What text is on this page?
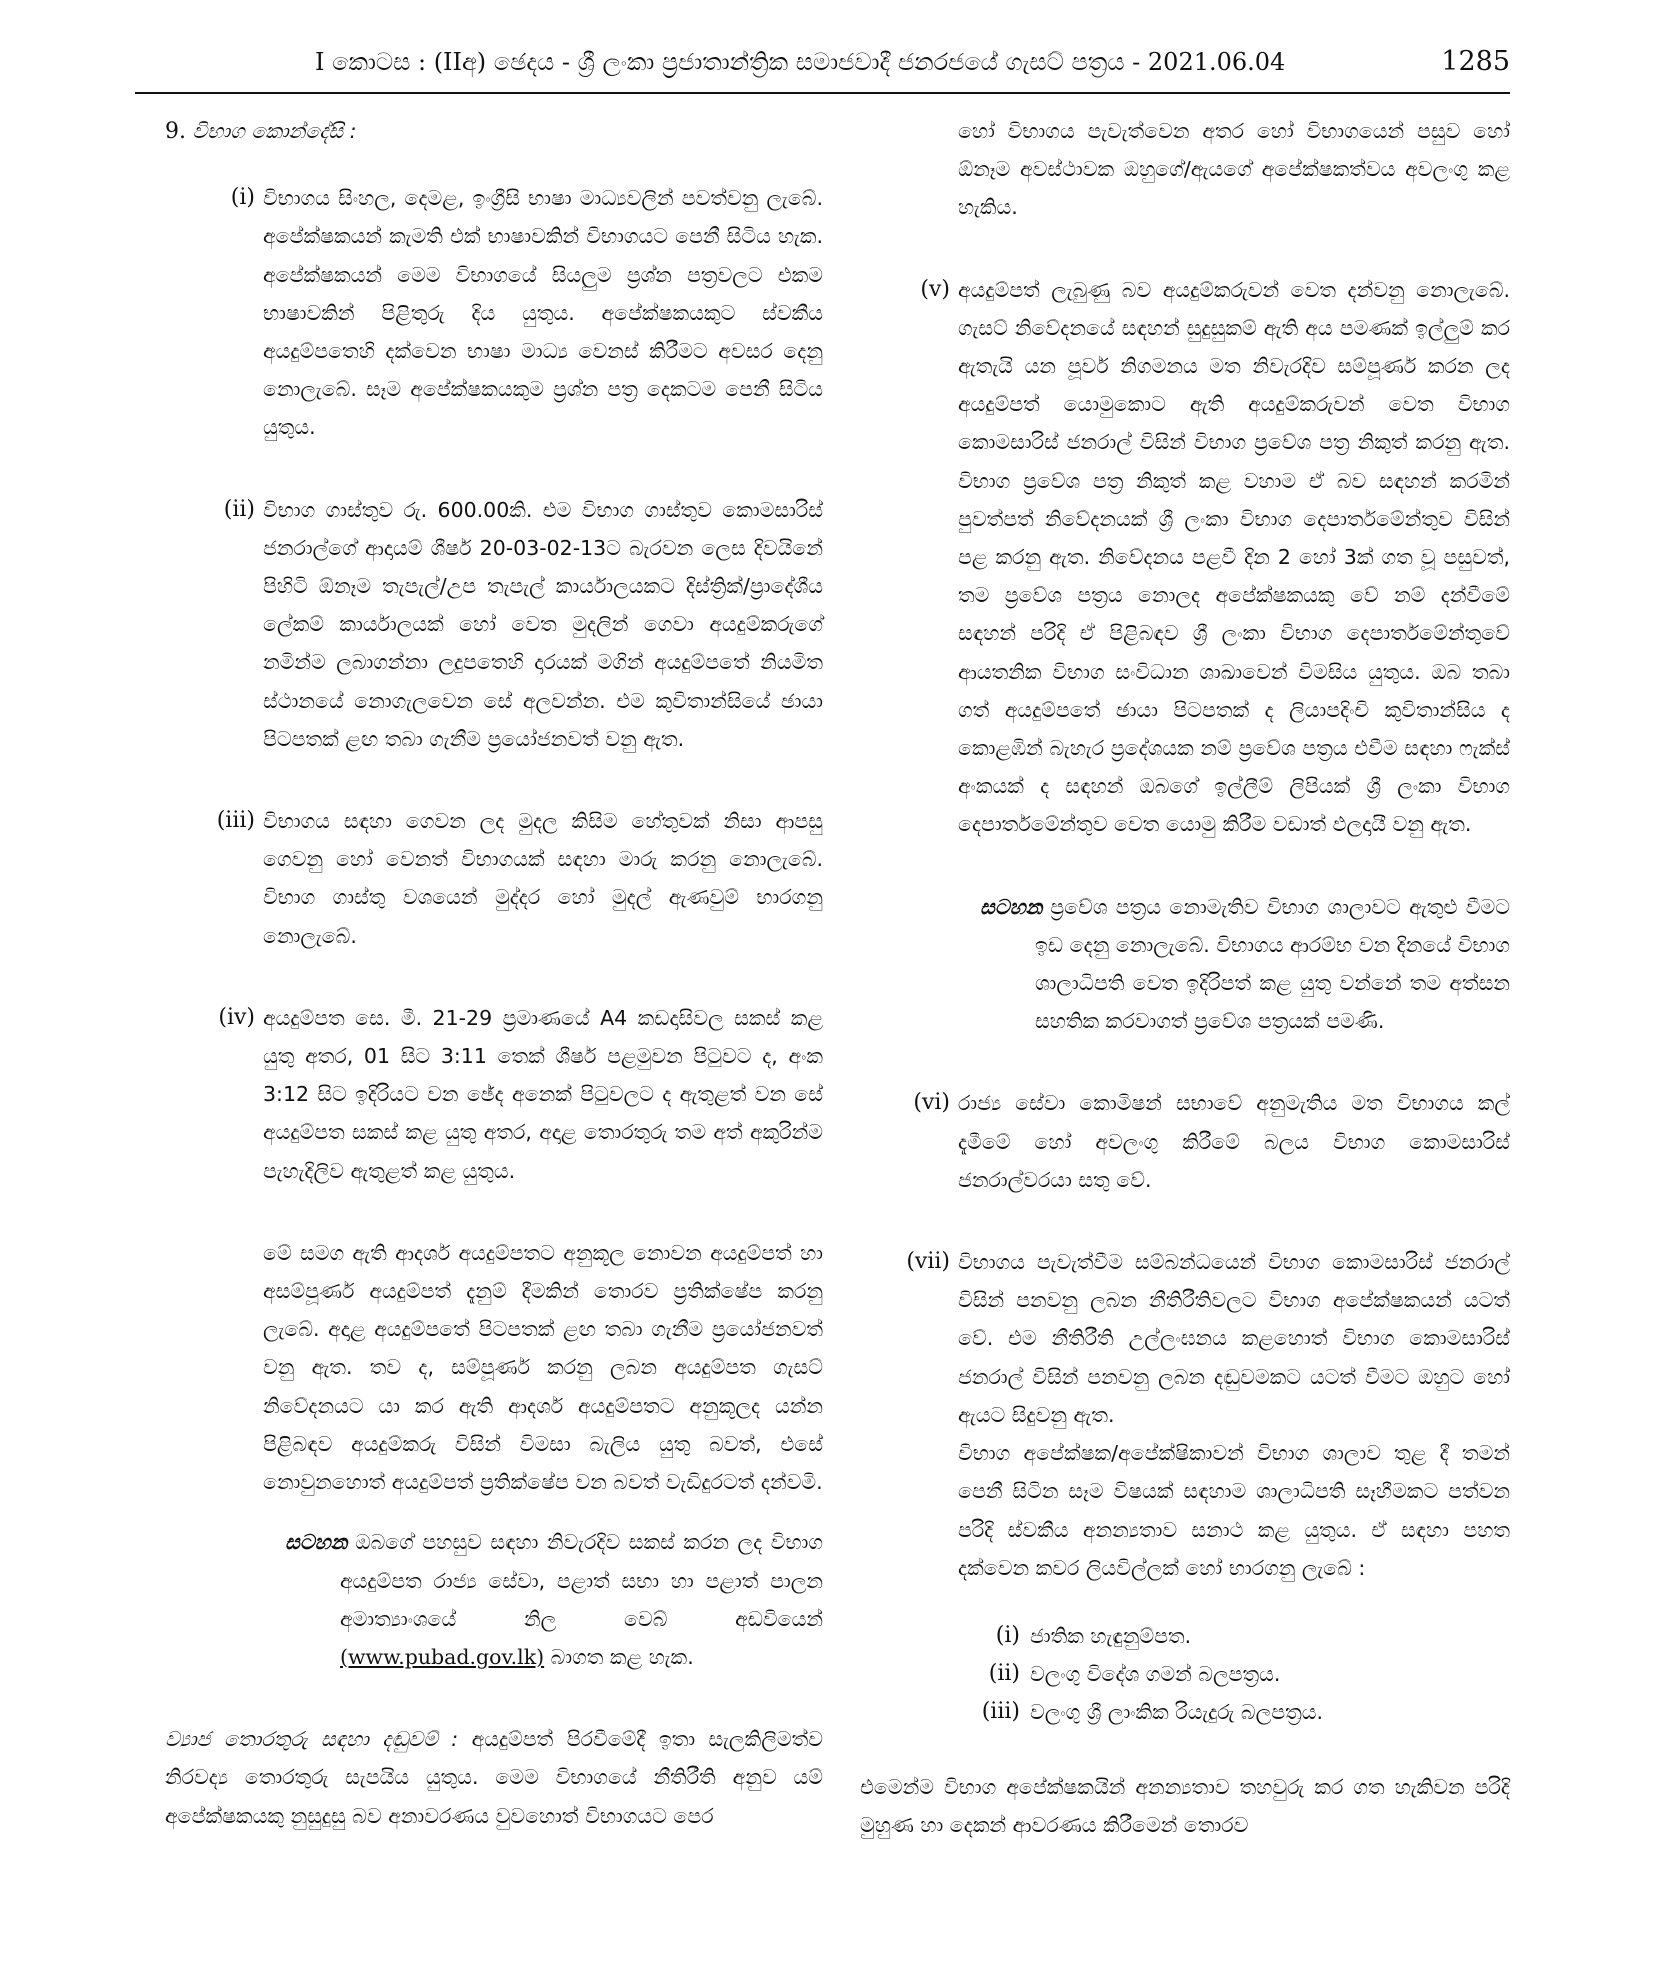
I කොටස : (IIඅ) ඡෙදය - ශ්‍රී ලංකා ප්‍රජාතාන්ත්‍රික සමාජවාදී ජනරජයේ ගැසට් පත්‍රය - 2021.06.04	1285

9. විභාග කොන්දේසි :

(i) විභාගය සිංහල, දෙමළ, ඉංග්‍රීසි භාෂා මාධ්‍යවලින් පවත්වනු ලැබේ. අපේක්ෂකයන් කැමති එක් භාෂාවකින් විභාගයට පෙනී සිටිය හැක. අපේක්ෂකයන් මෙම විභාගයේ සියලුම ප්‍රශ්න පත්‍රවලට එකම භාෂාවකින් පිළිතුරු දිය යුතුය. අපේක්ෂකයකුට ස්වකීය අයදුම්පතෙහි දක්වෙන භාෂා මාධ්‍ය වෙනස් කිරීමට අවසර දෙනු නොලැබේ. සෑම අපේක්ෂකයකුම ප්‍රශ්න පත්‍ර දෙකටම පෙනී සිටිය යුතුය.

(ii) විභාග ගාස්තුව රු. 600.00කි. එම විභාග ගාස්තුව කොමසාරිස් ජනරාල්ගේ ආදායම් ශීර්ෂ 20-03-02-13ට බැරවන ලෙස දිවයිනේ පිහිටි ඕනෑම තැපැල්/උප තැපැල් කාර්යාලයකට දිස්ත්‍රික්/ප්‍රාදේශීය ලේකම් කාර්යාලයක් හෝ වෙත මුදලින් ගෙවා අයදුම්කරුගේ නමින්ම ලබාගන්නා ලදුපතෙහි දාරයක් මගින් අයදුම්පතේ නියමිත ස්ථානයේ නොගැලවෙන සේ අලවන්න. එම කුවිතාන්සියේ ඡායා පිටපතක් ළඟ තබා ගැනීම ප්‍රයෝජනවත් වනු ඇත.

(iii) විභාගය සඳහා ගෙවන ලද මුදල කිසිම හේතුවක් නිසා ආපසු ගෙවනු හෝ වෙනත් විභාගයක් සඳහා මාරු කරනු නොලැබේ. විභාග ගාස්තු වශයෙන් මුද්දර හෝ මුදල් ඇණවුම් භාරගනු නොලැබේ.

(iv) අයදුම්පත සෙ. මී. 21-29 ප්‍රමාණයේ A4 කඩදාසිවල සකස් කළ යුතු අතර, 01 සිට 3:11 තෙක් ශීර්ෂ පළමුවන පිටුවට ද, අංක 3:12 සිට ඉදිරියට වන ඡේද අනෙක් පිටුවලට ද ඇතුළත් වන සේ අයදුම්පත සකස් කළ යුතු අතර, අදාළ තොරතුරු තම අත් අකුරින්ම පැහැදිලිව ඇතුළත් කළ යුතුය.

මේ සමග ඇති ආදර්ශ අයදුම්පතට අනුකූල නොවන අයදුම්පත් හා අසම්පූර්ණ අයදුම්පත් දැනුම් දීමකින් තොරව ප්‍රතික්ෂේප කරනු ලැබේ. අදාළ අයදුම්පතේ පිටපතක් ළඟ තබා ගැනීම ප්‍රයෝජනවත් වනු ඇත. තව ද, සම්පූර්ණ කරනු ලබන අයදුම්පත ගැසට් නිවේදනයට යා කර ඇති ආදර්ශ අයදුම්පතට අනුකූලද යන්න පිළිබඳව අයදුම්කරු විසින් විමසා බැලිය යුතු බවත්, එසේ නොවුනහොත් අයදුම්පත් ප්‍රතික්ෂේප වන බවත් වැඩිදුරටත් දන්වමි.

සටහන

: ඔබගේ පහසුව සඳහා නිවැරදිව සකස් කරන ලද විභාග අයදුම්පත රාජ්‍ය සේවා, පළාත් සභා හා පළාත් පාලන අමාත්‍යාංශයේ නිල වෙබ් අඩවියෙන් (www.pubad.gov.lk) බාගත කළ හැක.

ව්‍යාජ තොරතුරු සඳහා දඬුවම් : අයදුම්පත් පිරවීමේදී ඉතා සැලකිලිමත්ව නිරවද්‍ය තොරතුරු සැපයිය යුතුය. මෙම විභාගයේ නීතිරීති අනුව යම් අපේක්ෂකයකු නුසුදුසු බව අනාවරණය වුවහොත් විභාගයට පෙර

හෝ විභාගය පැවැත්වෙන අතර හෝ විභාගයෙන් පසුව හෝ ඕනෑම අවස්ථාවක ඔහුගේ/ඇයගේ අපේක්ෂකත්වය අවලංගු කළ හැකිය.

(v) අයදුම්පත් ලැබුණු බව අයදුම්කරුවන් වෙත දන්වනු නොලැබේ. ගැසට් නිවේදනයේ සඳහන් සුදුසුකම් ඇති අය පමණක් ඉල්ලුම් කර ඇතැයි යන පූර්ව නිගමනය මත නිවැරදිව සම්පූර්ණ කරන ලද අයදුම්පත් යොමුකොට ඇති අයදුම්කරුවන් වෙත විභාග කොමසාරිස් ජනරාල් විසින් විභාග ප්‍රවේශ පත්‍ර නිකුත් කරනු ඇත. විභාග ප්‍රවේශ පත්‍ර නිකුත් කළ වහාම ඒ බව සඳහන් කරමින් පුවත්පත් නිවේදනයක් ශ්‍රී ලංකා විභාග දෙපාර්තමේන්තුව විසින් පළ කරනු ඇත. නිවේදනය පළවී දින 2 හෝ 3ක් ගත වූ පසුවත්, තම ප්‍රවේශ පත්‍රය නොලද අපේක්ෂකයකු වේ නම් දන්වීමේ සඳහන් පරිදි ඒ පිළිබඳව ශ්‍රී ලංකා විභාග දෙපාර්තමේන්තුවේ ආයතනික විභාග සංවිධාන ශාඛාවෙන් විමසිය යුතුය. ඔබ තබා ගත් අයදුම්පතේ ඡායා පිටපතක් ද ලියාපදිංචි කුවිතාන්සිය ද කොළඹින් බැහැර ප්‍රදේශයක නම් ප්‍රවේශ පත්‍රය එවීම සඳහා ෆැක්ස් අංකයක් ද සඳහන් ඔබගේ ඉල්ලීම් ලිපියක් ශ්‍රී ලංකා විභාග දෙපාර්තමේන්තුව වෙත යොමු කිරීම වඩාත් ඵලදායී වනු ඇත.

සටහන

: ප්‍රවේශ පත්‍රය නොමැතිව විභාග ශාලාවට ඇතුළු වීමට ඉඩ දෙනු නොලැබේ. විභාගය ආරම්භ වන දිනයේ විභාග ශාලාධිපති වෙත ඉදිරිපත් කළ යුතු වන්නේ තම අත්සන සහතික කරවාගත් ප්‍රවේශ පත්‍රයක් පමණි.

(vi) රාජ්‍ය සේවා කොමිෂන් සභාවේ අනුමැතිය මත විභාගය කල් දැමීමේ හෝ අවලංගු කිරීමේ බලය විභාග කොමසාරිස් ජනරාල්වරයා සතු වේ.

(vii) විභාගය පැවැත්වීම සම්බන්ධයෙන් විභාග කොමසාරිස් ජනරාල් විසින් පනවනු ලබන නීතිරීතිවලට විභාග අපේක්ෂකයන් යටත් වේ. එම නීතිරීති උල්ලංඝනය කළහොත් විභාග කොමසාරිස් ජනරාල් විසින් පනවනු ලබන දඬුවමකට යටත් වීමට ඔහුට හෝ ඇයට සිදුවනු ඇත.

විභාග අපේක්ෂක/අපේක්ෂිකාවන් විභාග ශාලාව තුළ දී තමන් පෙනී සිටින සෑම විෂයක් සඳහාම ශාලාධිපති සෑහීමකට පත්වන පරිදි ස්වකීය අනන්‍යතාව සනාථ කළ යුතුය. ඒ සඳහා පහත දක්වෙන කවර ලියවිල්ලක් හෝ භාරගනු ලැබේ :

(i) ජාතික හැඳුනුම්පත.

(ii) වලංගු විදේශ ගමන් බලපත්‍රය.

(iii) වලංගු ශ්‍රී ලාංකික රියැදුරු බලපත්‍රය.

එමෙන්ම විභාග අපේක්ෂකයින් අනන්‍යතාව තහවුරු කර ගත හැකිවන පරිදි මුහුණ හා දෙකන් ආවරණය කිරීමෙන් තොරව
